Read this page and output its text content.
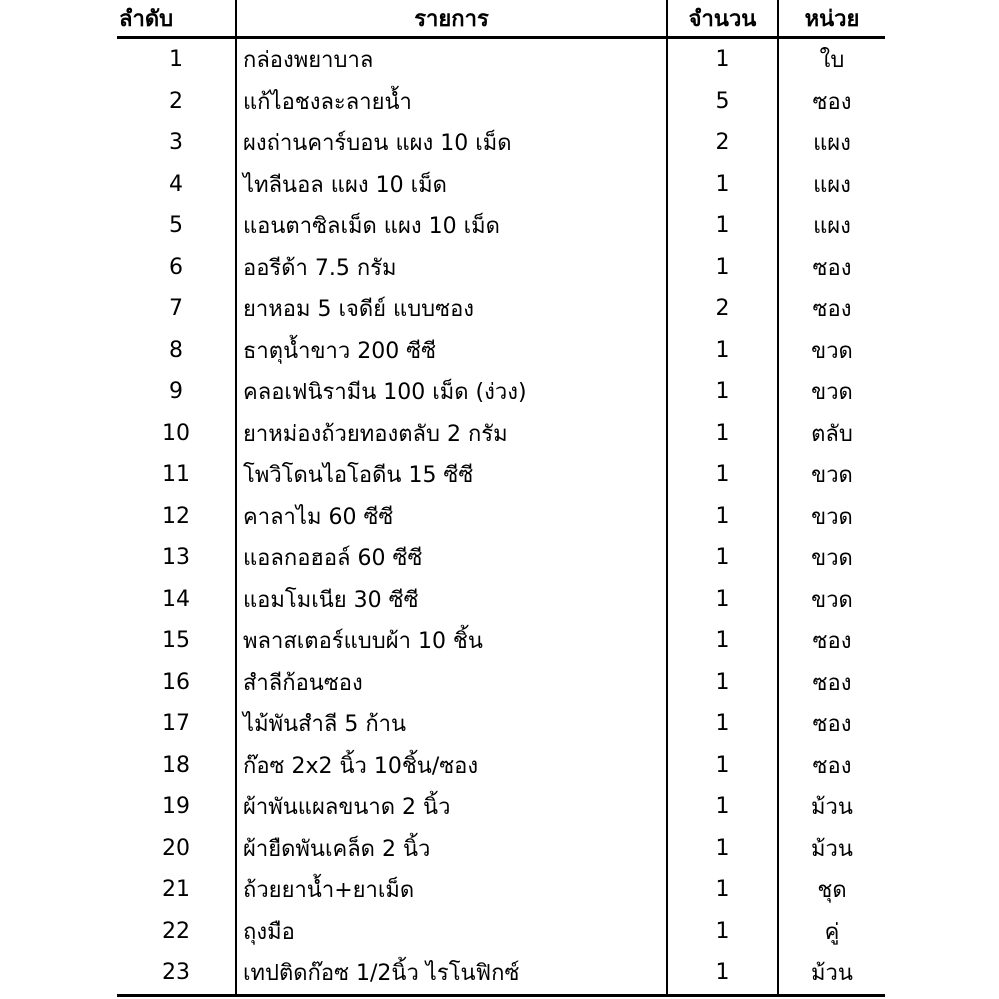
ลำดับ	รายการ	จำนวน	หน่วย
1	กล่องพยาบาล	1	ใบ
2	แก้ไอชงละลายน้ำ	5	ซอง
3	ผงถ่านคาร์บอน แผง 10 เม็ด	2	แผง
4	ไทลีนอล แผง 10 เม็ด	1	แผง
5	แอนตาซิลเม็ด แผง 10 เม็ด	1	แผง
6	ออรีด้า 7.5 กรัม	1	ซอง
7	ยาหอม 5 เจดีย์ แบบซอง	2	ซอง
8	ธาตุน้ำขาว 200 ซีซี	1	ขวด
9	คลอเฟนิรามีน 100 เม็ด (ง่วง)	1	ขวด
10	ยาหม่องถ้วยทองตลับ 2 กรัม	1	ตลับ
11	โพวิโดนไอโอดีน 15 ซีซี	1	ขวด
12	คาลาไม 60 ซีซี	1	ขวด
13	แอลกอฮอล์ 60 ซีซี	1	ขวด
14	แอมโมเนีย 30 ซีซี	1	ขวด
15	พลาสเตอร์แบบผ้า 10 ชิ้น	1	ซอง
16	สำลีก้อนซอง	1	ซอง
17	ไม้พันสำลี 5 ก้าน	1	ซอง
18	ก๊อซ 2x2 นิ้ว 10ชิ้น/ซอง	1	ซอง
19	ผ้าพันแผลขนาด 2 นิ้ว	1	ม้วน
20	ผ้ายืดพันเคล็ด 2 นิ้ว	1	ม้วน
21	ถ้วยยาน้ำ+ยาเม็ด	1	ชุด
22	ถุงมือ	1	คู่
23	เทปติดก๊อซ 1/2นิ้ว ไรโนฟิกซ์	1	ม้วน
